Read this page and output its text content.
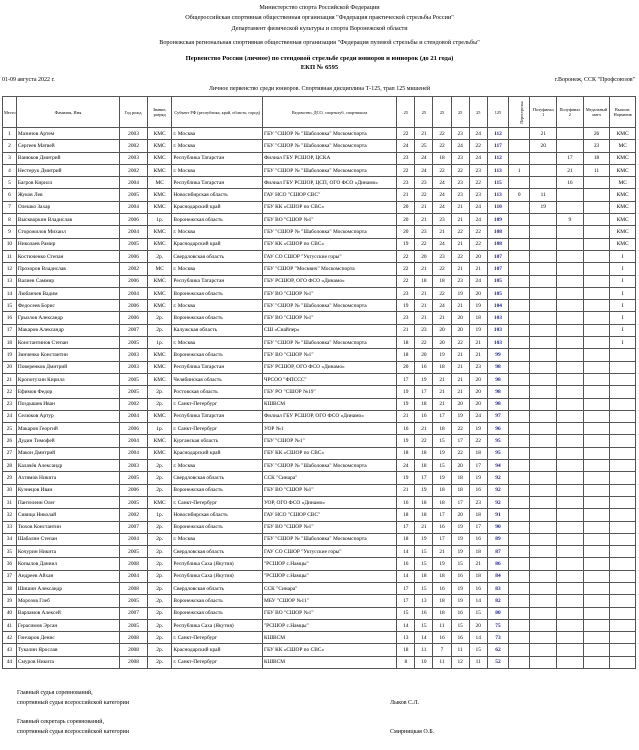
Министерство спорта Российской Федерации
Общероссийская спортивная общественная организация "Федерация практической стрельбы России"
Департамент физической культуры и спорта Воронежской области
Воронежская региональная спортивная общественная организация "Федерация пулевой стрельбы и стендовой стрельбы"
Первенство России (личное) по стендовой стрельбе среди юниоров и юниорок (до 21 года)
ЕКП № 6595
01-09 августа 2022 г.	г.Воронеж, ССК "Профсоюзов"
Личное первенство среди юниоров. Спортивная дисциплина Т-125, трап 125 мишеней
Место	Фамилия, Имя	Год рожд.	Звание, разряд	Субъект РФ (республика, край, область, город)	Ведомство, ДСО, спортклуб, спортшкола	25	25	25	25	25	125	Перестрелка	Полуфинал 1	Полуфинал 2	Медальный матч	Выполн. Норматив
1	Мазинов Артем	2003	КМС	г. Москва	ГБУ "СШОР № "Шаболовка" Москомспорта	22	21	22	23	24	112		21		26	КМС
2	Сергеев Матвей	2002	КМС	г. Москва	ГБУ "СШОР № "Шаболовка" Москомспорта	24	25	22	24	22	117		20		23	МС
3	Ванюков Дмитрий	2003	КМС	Республика Татарстан	Филиал ГБУ РСШОР, ЦСКА	23	24	18	23	24	112			17	18	КМС
4	Нестерук Дмитрий	2002	КМС	г. Москва	ГБУ "СШОР № "Шаболовка" Москомспорта	22	24	22	22	23	113	1		21	11	КМС
5	Багров Кирилл	2004	МС	Республика Татарстан	Филиал ГБУ РСШОР, ЦСП, ОГО ФСО «Динамо»	23	23	24	23	22	115			16		МС
6	Жуков Лев	2005	КМС	Новосибирская область	ГАУ НСО "СШОР СВС"	21	22	24	23	23	113	0	11			КМС
7	Олешко Захар	2004	КМС	Краснодарский край	ГБУ КК «СШОР по СВС»	20	21	24	21	24	110		19			КМС
8	Выскворкин Владислав	2006	1р.	Воронежская область	ГБУ ВО "СШОР №1"	20	21	23	21	24	109			9		КМС
9	Сторожилов Михаил	2004	КМС	г. Москва	ГБУ "СШОР № "Шаболовка" Москомспорта	20	23	21	22	22	108					КМС
10	Николаев Рамир	2005	КМС	Краснодарский край	ГБУ КК «СШОР по СВС»	19	22	24	21	22	108					КМС
11	Костюченко Степан	2006	2р.	Свердловская область	ГАУ СО СШОР "Уктусские горы"	22	20	23	22	20	107					I
12	Прохоров Владислав	2002	МС	г. Москва	ГБУ "СШОР "Москвич" Москомспорта	22	21	22	21	21	107					I
13	Валиев Саммир	2006	КМС	Республика Татарстан	ГБУ РСШОР, ОГО ФСО «Динамо»	22	18	18	23	24	105					I
14	Любанчев Вадим	2004	КМС	Воронежская область	ГБУ ВО "СШОР №1"	23	21	22	19	20	105					I
15	Федосеев Борис	2006	КМС	г. Москва	ГБУ "СШОР № "Шаболовка" Москомспорта	19	21	24	21	19	104					I
16	Грызлов Александр	2006	2р.	Воронежская область	ГБУ ВО "СШОР №1"	23	21	21	20	18	103					I
17	Макаров Александр	2007	2р.	Калужская область	СШ «Снайпер»	21	23	20	20	19	103					I
18	Константинов Степан	2005	1р.	г. Москва	ГБУ "СШОР № "Шаболовка" Москомспорта	18	22	20	22	21	103					I
19	Зинченко Константин	2003	КМС	Воронежская область	ГБУ ВО "СШОР №1"	18	20	19	21	21	99					
20	Поверенков Дмитрий	2003	КМС	Республика Татарстан	ГБУ РСШОР, ОГО ФСО «Динамо»	20	16	18	21	23	98					
21	Кропотухин Кирилл	2005	КМС	Челябинская область	ЧРСОО "ФПССС"	17	19	21	21	20	98					
22	Ефимов Федор	2005	2р.	Ростовская область	ГБУ РО "СШОР №19"	19	17	21	21	20	98					
23	Поздышев Иван	2002	2р.	г. Санкт-Петербург	КШВСМ	19	18	21	20	20	98					
24	Селюков Артур	2004	КМС	Республика Татарстан	Филиал ГБУ РСШОР, ОГО ФСО «Динамо»	21	16	17	19	24	97					
25	Макаров Георгий	2006	1р.	г. Санкт-Петербург	УОР №1	16	21	18	22	19	96					
26	Дудин Тимофей	2004	КМС	Курганская область	ГБУ "СШОР №1"	19	22	15	17	22	95					
27	Макон Дмитрий	2004	КМС	Краснодарский край	ГБУ КК «СШОР по СВС»	18	18	19	22	18	95					
28	Калачёв Александр	2003	2р.	г. Москва	ГБУ "СШОР № "Шаболовка" Москомспорта	24	18	15	20	17	94					
29	Ахтямов Никита	2005	2р.	Свердловская область	ССК "Синара"	19	17	19	18	19	92					
30	Кузнецов Иван	2006	2р.	Воронежская область	ГБУ ВО "СШОР №1"	21	19	18	18	16	92					
31	Пантелеин Олег	2005	КМС	г. Санкт-Петербург	УОР, ОГО ФСО «Динамо»	16	18	18	17	23	92					
32	Сивица Николай	2002	1р.	Новосибирская область	ГАУ НСО "СШОР СВС"	18	18	17	20	18	91					
33	Тюхов Константин	2007	2р.	Воронежская область	ГБУ ВО "СШОР №1"	17	21	16	19	17	90					
34	Шабалин Степан	2004	2р.	г. Москва	ГБУ "СШОР № "Шаболовка" Москомспорта	18	19	17	19	16	89					
35	Кочурин Никита	2005	2р.	Свердловская область	ГАУ СО СШОР "Уктусские горы"	14	15	21	19	18	87					
36	Копылов Даниил	2008	2р.	Республика Саха (Якутия)	"РСШОР с.Намцы"	16	15	19	15	21	86					
37	Андреев Айхан	2004	2р.	Республика Саха (Якутия)	"РСШОР с.Намцы"	14	18	18	16	18	84					
38	Шишин Александр	2008	2р.	Свердловская область	ССК "Синара"	17	15	16	19	16	83					
39	Морозов Глеб	2005	2р.	Воронежская область	МБУ "СШОР №11"	17	13	18	19	14	82					
40	Варламов Алексей	2007	2р.	Воронежская область	ГБУ ВО "СШОР №1"	15	16	18	16	15	80					
41	Герасимов Эрсан	2005	2р.	Республика Саха (Якутия)	"РСШОР с.Намцы"	14	15	11	15	20	75					
42	Гончаров Денис	2008	2р.	г. Санкт-Петербург	КШВСМ	13	14	16	16	14	73					
43	Тукалин Ярослав	2008	2р.	Краснодарский край	ГБУ КК «СШОР по СВС»	18	11	7	11	15	62					
44	Смуров Никита	2008	2р.	г. Санкт-Петербург	КШВСМ	8	10	11	12	11	52					
Главный судья соревнований,
спортивный судья всероссийской категории	Лыков С.Л.
Главный секретарь соревнований,
спортивный судья всероссийской категории	Смирницкая О.Б.
